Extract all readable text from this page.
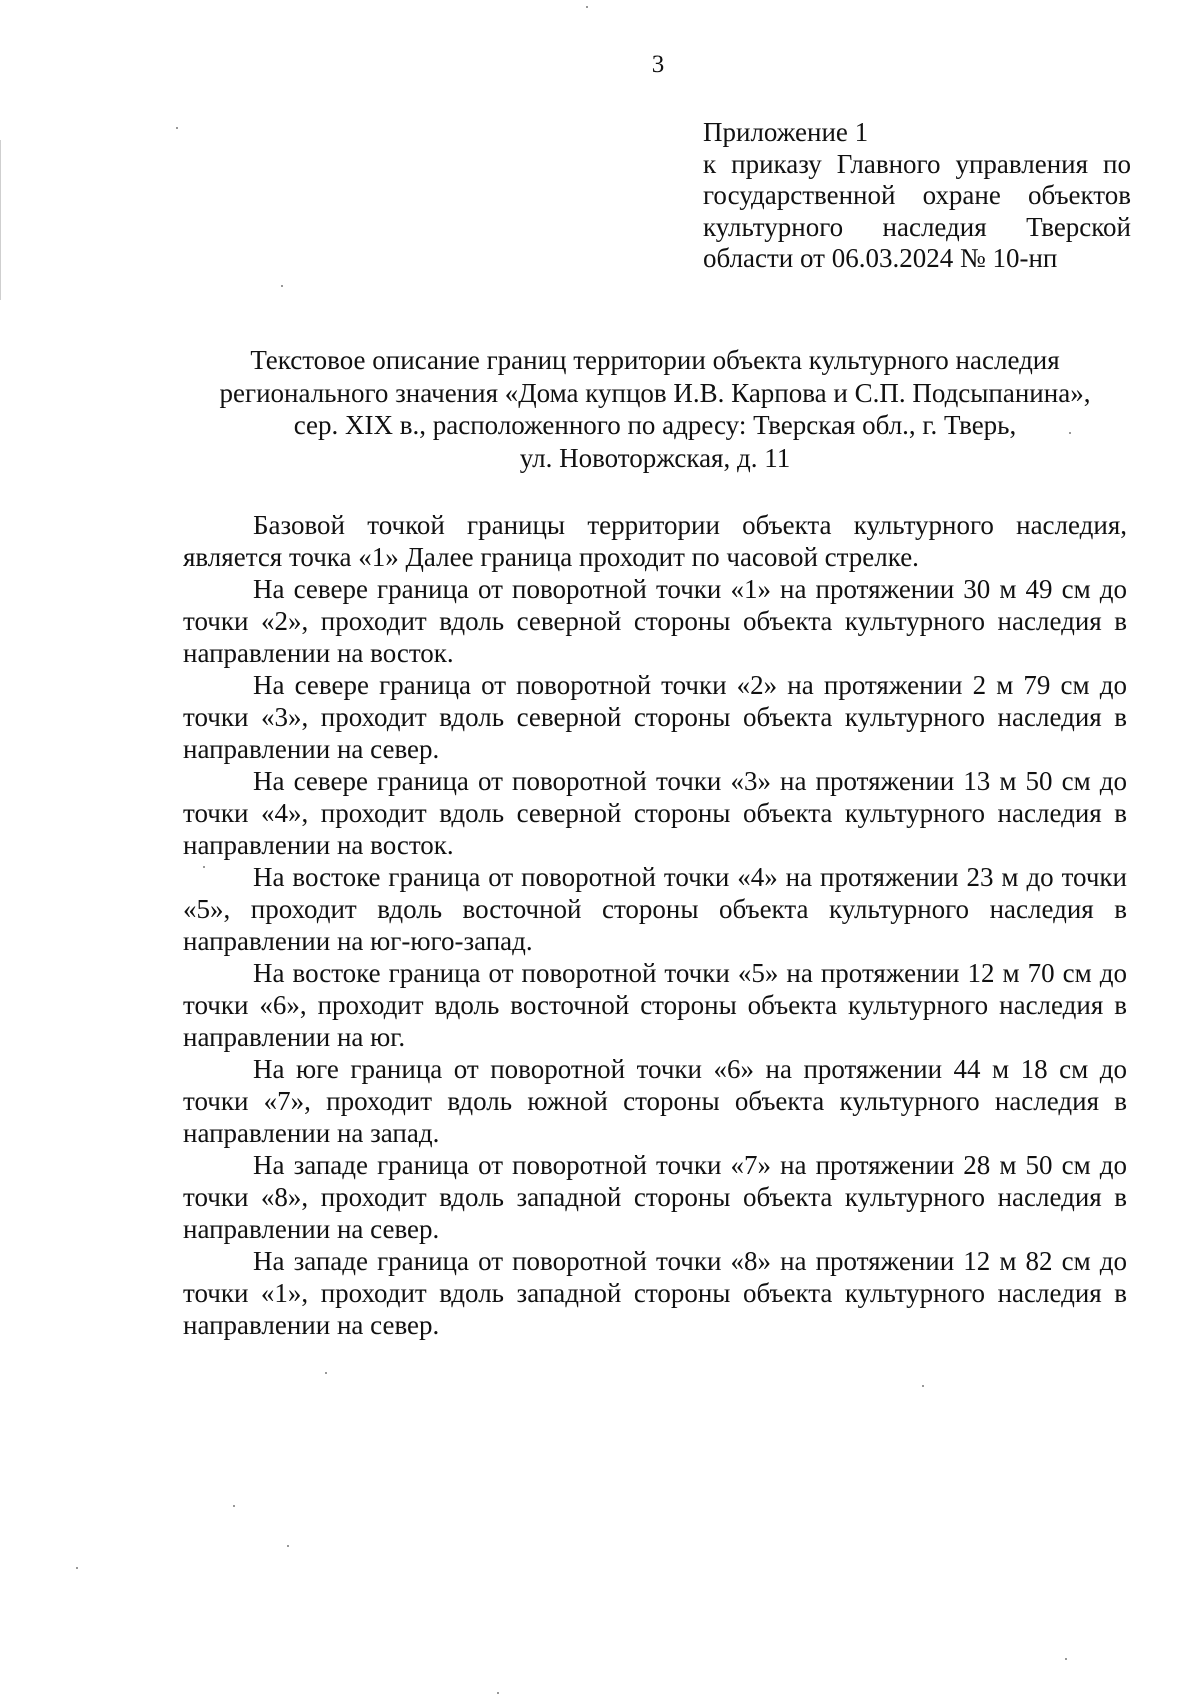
3
Приложение 1
к приказу Главного управления по государственной охране объектов культурного наследия Тверской области от 06.03.2024 № 10-нп
Текстовое описание границ территории объекта культурного наследия
регионального значения «Дома купцов И.В. Карпова и С.П. Подсыпанина»,
сер. XIX в., расположенного по адресу: Тверская обл., г. Тверь,
ул. Новоторжская, д. 11

Базовой точкой границы территории объекта культурного наследия, является точка «1» Далее граница проходит по часовой стрелке.

На севере граница от поворотной точки «1» на протяжении 30 м 49 см до точки «2», проходит вдоль северной стороны объекта культурного наследия в направлении на восток.

На севере граница от поворотной точки «2» на протяжении 2 м 79 см до точки «3», проходит вдоль северной стороны объекта культурного наследия в направлении на север.

На севере граница от поворотной точки «3» на протяжении 13 м 50 см до точки «4», проходит вдоль северной стороны объекта культурного наследия в направлении на восток.

На востоке граница от поворотной точки «4» на протяжении 23 м до точки «5», проходит вдоль восточной стороны объекта культурного наследия в направлении на юг-юго-запад.

На востоке граница от поворотной точки «5» на протяжении 12 м 70 см до точки «6», проходит вдоль восточной стороны объекта культурного наследия в направлении на юг.

На юге граница от поворотной точки «6» на протяжении 44 м 18 см до точки «7», проходит вдоль южной стороны объекта культурного наследия в направлении на запад.

На западе граница от поворотной точки «7» на протяжении 28 м 50 см до точки «8», проходит вдоль западной стороны объекта культурного наследия в направлении на север.

На западе граница от поворотной точки «8» на протяжении 12 м 82 см до точки «1», проходит вдоль западной стороны объекта культурного наследия в направлении на север.
